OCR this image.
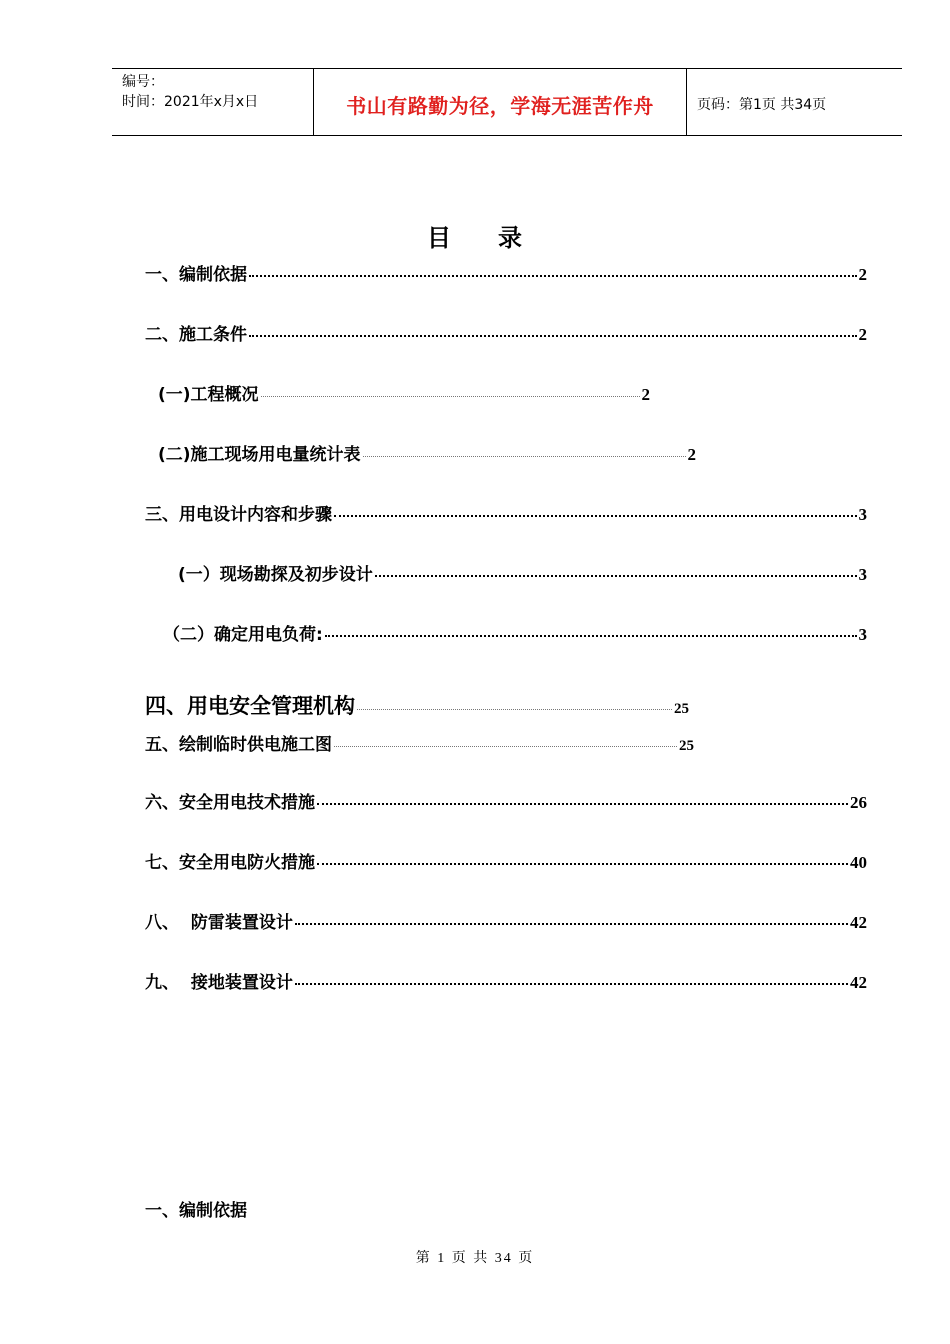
编号：
时间：2021年x月x日	书山有路勤为径，学海无涯苦作舟	页码：第1页 共34页
目 录
一、编制依据	2
二、施工条件	2
(一)工程概况	2
(二)施工现场用电量统计表	2
三、用电设计内容和步骤	3
(一）现场勘探及初步设计	3
（二）确定用电负荷:	3
四、用电安全管理机构	25
五、绘制临时供电施工图	25
六、安全用电技术措施	26
七、安全用电防火措施	40
八、  防雷装置设计	42
九、  接地装置设计	42
一、编制依据
第 1 页 共 34 页
